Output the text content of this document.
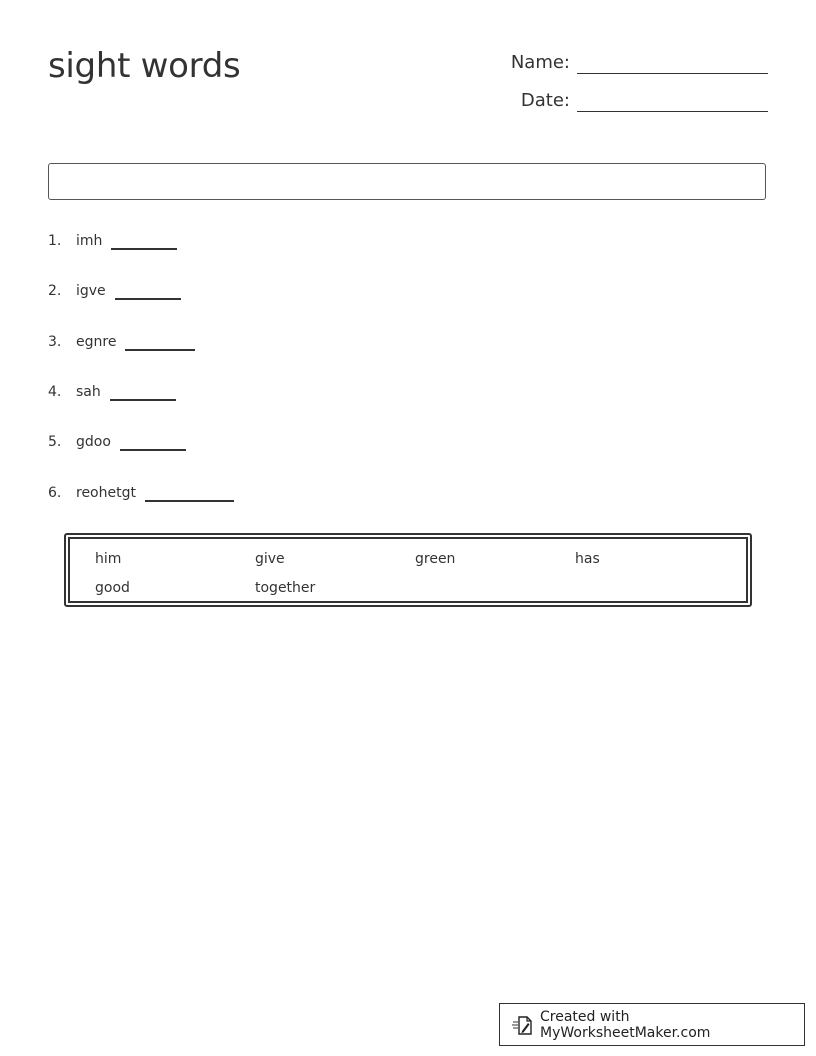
sight words	Name:
Date:
1.	imh
2.	igve
3.	egnre
4.	sah
5.	gdoo
6.	reohetgt
him	give	green	has
good	together
Created with MyWorksheetMaker.com
